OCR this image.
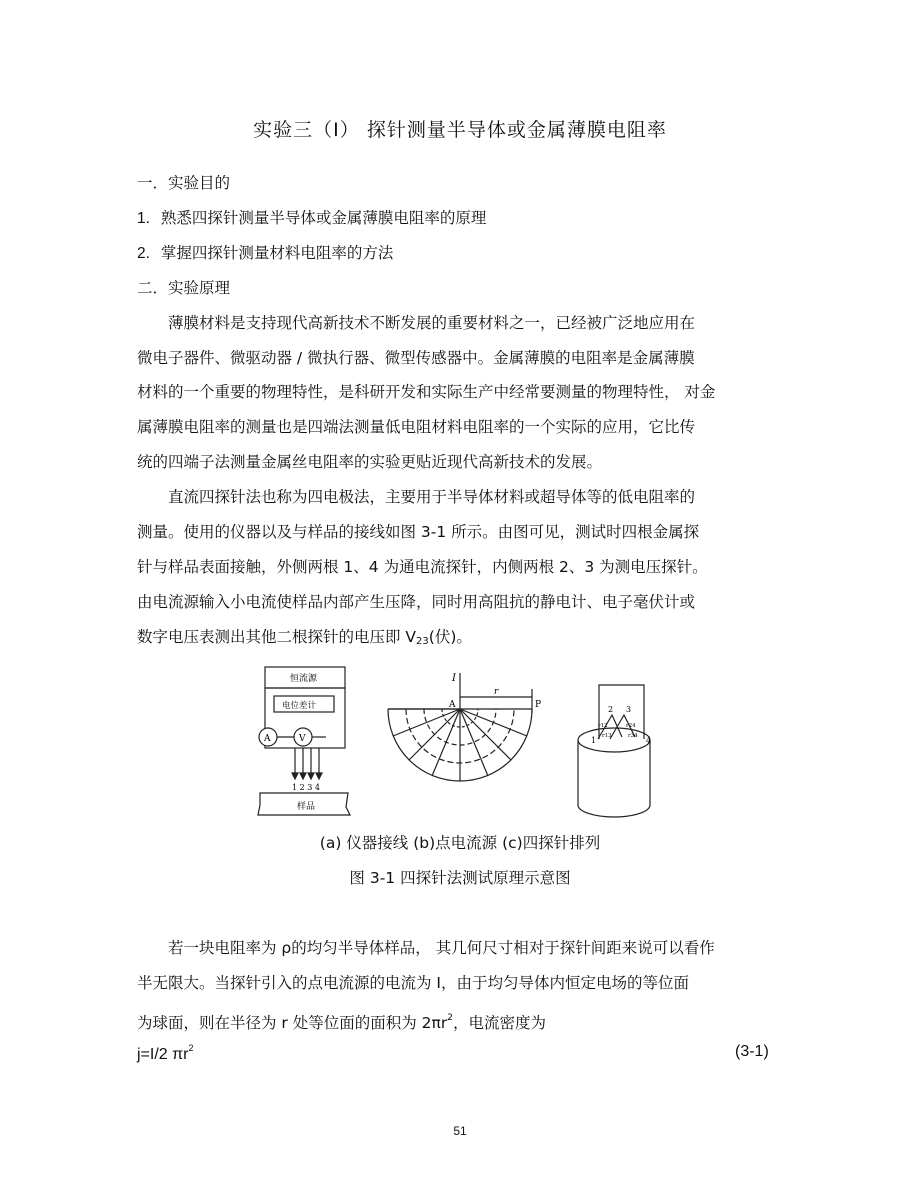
实验三（Ⅰ） 探针测量半导体或金属薄膜电阻率
一．实验目的
1. 熟悉四探针测量半导体或金属薄膜电阻率的原理
2. 掌握四探针测量材料电阻率的方法
二．实验原理
薄膜材料是支持现代高新技术不断发展的重要材料之一，已经被广泛地应用在
微电子器件、微驱动器 / 微执行器、微型传感器中。金属薄膜的电阻率是金属薄膜
材料的一个重要的物理特性，是科研开发和实际生产中经常要测量的物理特性， 对金
属薄膜电阻率的测量也是四端法测量低电阻材料电阻率的一个实际的应用，它比传
统的四端子法测量金属丝电阻率的实验更贴近现代高新技术的发展。
直流四探针法也称为四电极法，主要用于半导体材料或超导体等的低电阻率的
测量。使用的仪器以及与样品的接线如图 3-1 所示。由图可见，测试时四根金属探
针与样品表面接触，外侧两根 1、4 为通电流探针，内侧两根 2、3 为测电压探针。
由电流源输入小电流使样品内部产生压降，同时用高阻抗的静电计、电子毫伏计或
数字电压表测出其他二根探针的电压即 $V_{23}$(伏)。
恒流源
电位差计
A	V
1 2 3 4
样品
I
A
r
P
1
2 3
4
r12	r24
r13	r34
(a) 仪器接线 (b)点电流源 (c)四探针排列
图 3-1 四探针法测试原理示意图
若一块电阻率为 ρ的均匀半导体样品， 其几何尺寸相对于探针间距来说可以看作
半无限大。当探针引入的点电流源的电流为 I，由于均匀导体内恒定电场的等位面
为球面，则在半径为 r 处等位面的面积为 $2\pi r^2$，电流密度为
j=I/2 $\pi r^2$	(3-1)
51
